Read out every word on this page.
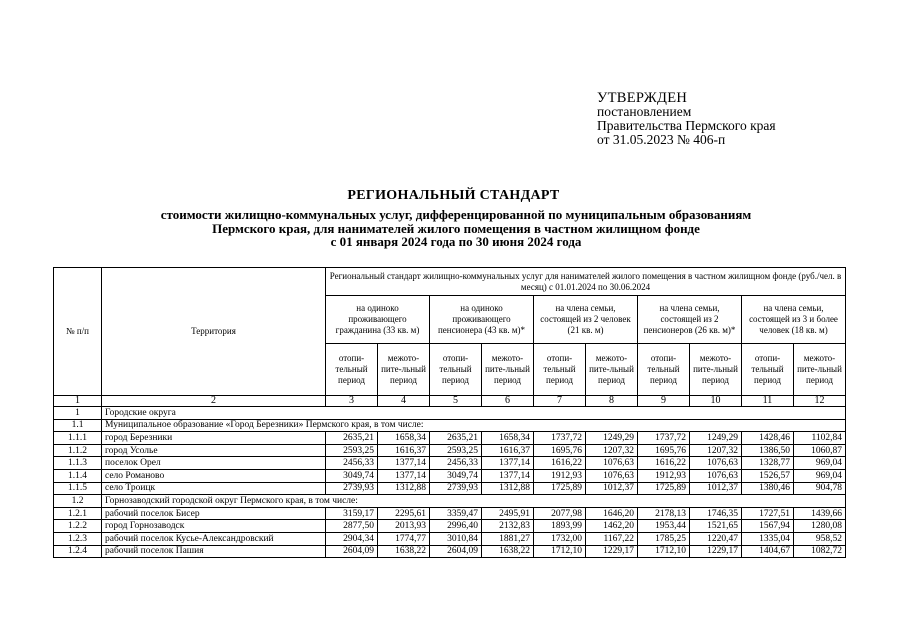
УТВЕРЖДЕН
постановлением
Правительства Пермского края
от 31.05.2023 № 406-п
РЕГИОНАЛЬНЫЙ СТАНДАРТ
стоимости жилищно-коммунальных услуг, дифференцированной по муниципальным образованиям
Пермского края, для нанимателей жилого помещения в частном жилищном фонде
с 01 января 2024 года по 30 июня 2024 года
№ п/п	Территория	Региональный стандарт жилищно-коммунальных услуг для нанимателей жилого помещения в частном жилищном фонде (руб./чел. в месяц) с 01.01.2024 по 30.06.2024									
		на одиноко проживающего гражданина (33 кв. м)		на одиноко проживающего пенсионера (43 кв. м)*		на члена семьи, состоящей из 2 человек (21 кв. м)		на члена семьи, состоящей из 2 пенсионеров (26 кв. м)*		на члена семьи, состоящей из 3 и более человек (18 кв. м)	
		отопи-тельный период	межото-пите-льный период	отопи-тельный период	межото-пите-льный период	отопи-тельный период	межото-пите-льный период	отопи-тельный период	межото-пите-льный период	отопи-тельный период	межото-пите-льный период
1	2	3	4	5	6	7	8	9	10	11	12
1	Городские округа										
1.1	Муниципальное образование «Город Березники» Пермского края, в том числе:										
1.1.1	город Березники	2635,21	1658,34	2635,21	1658,34	1737,72	1249,29	1737,72	1249,29	1428,46	1102,84
1.1.2	город Усолье	2593,25	1616,37	2593,25	1616,37	1695,76	1207,32	1695,76	1207,32	1386,50	1060,87
1.1.3	поселок Орел	2456,33	1377,14	2456,33	1377,14	1616,22	1076,63	1616,22	1076,63	1328,77	969,04
1.1.4	село Романово	3049,74	1377,14	3049,74	1377,14	1912,93	1076,63	1912,93	1076,63	1526,57	969,04
1.1.5	село Троицк	2739,93	1312,88	2739,93	1312,88	1725,89	1012,37	1725,89	1012,37	1380,46	904,78
1.2	Горнозаводский городской округ Пермского края, в том числе:										
1.2.1	рабочий поселок Бисер	3159,17	2295,61	3359,47	2495,91	2077,98	1646,20	2178,13	1746,35	1727,51	1439,66
1.2.2	город Горнозаводск	2877,50	2013,93	2996,40	2132,83	1893,99	1462,20	1953,44	1521,65	1567,94	1280,08
1.2.3	рабочий поселок Кусье-Александровский	2904,34	1774,77	3010,84	1881,27	1732,00	1167,22	1785,25	1220,47	1335,04	958,52
1.2.4	рабочий поселок Пашия	2604,09	1638,22	2604,09	1638,22	1712,10	1229,17	1712,10	1229,17	1404,67	1082,72
